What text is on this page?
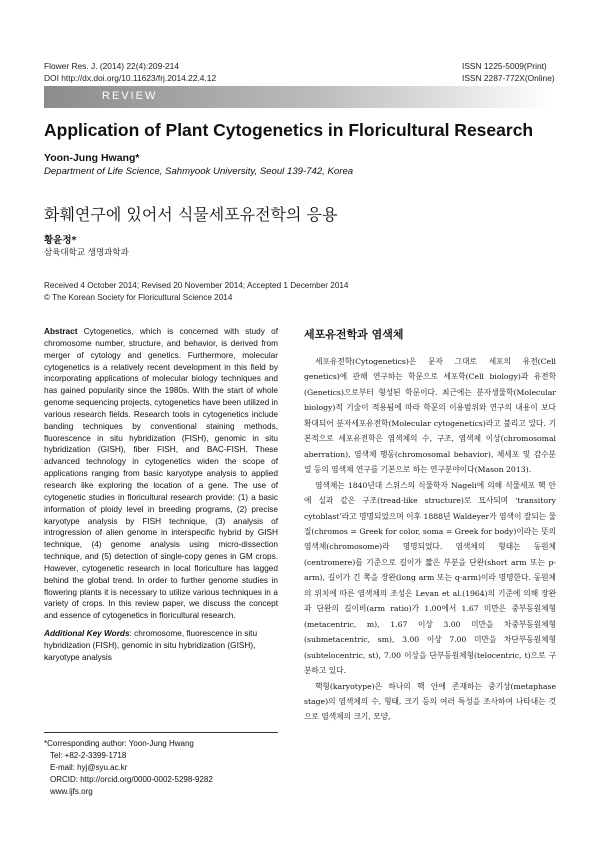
Flower Res. J. (2014) 22(4):209-214
DOI http://dx.doi.org/10.11623/frj.2014.22.4.12
ISSN 1225-5009(Print)
ISSN 2287-772X(Online)
REVIEW
Application of Plant Cytogenetics in Floricultural Research
Yoon-Jung Hwang*
Department of Life Science, Sahmyook University, Seoul 139-742, Korea
화훼연구에 있어서 식물세포유전학의 응용
황윤정*
삼육대학교 생명과학과
Received 4 October 2014; Revised 20 November 2014; Accepted 1 December 2014
© The Korean Society for Floricultural Science 2014
Abstract Cytogenetics, which is concerned with study of chromosome number, structure, and behavior, is derived from merger of cytology and genetics. Furthermore, molecular cytogenetics is a relatively recent development in this field by incorporating applications of molecular biology techniques and has gained popularity since the 1980s. With the start of whole genome sequencing projects, cytogenetics have been utilized in various research fields. Research tools in cytogenetics include banding techniques by conventional staining methods, fluorescence in situ hybridization (FISH), genomic in situ hybridization (GISH), fiber FISH, and BAC-FISH. These advanced technology in cytogenetics widen the scope of applications ranging from basic karyotype analysis to applied research like exploring the location of a gene. The use of cytogenetic studies in floricultural research provide: (1) a basic information of ploidy level in breeding programs, (2) precise karyotype analysis by FISH technique, (3) analysis of introgression of alien genome in interspecific hybrid by GISH technique, (4) genome analysis using micro-dissection technique, and (5) detection of single-copy genes in GM crops. However, cytogenetic research in local floriculture has lagged behind the global trend. In order to further genome studies in flowering plants it is necessary to utilize various techniques in a variety of crops. In this review paper, we discuss the concept and essence of cytogenetics in floricultural research.
Additional Key Words: chromosome, fluorescence in situ hybridization (FISH), genomic in situ hybridization (GISH), karyotype analysis
*Corresponding author: Yoon-Jung Hwang
Tel: +82-2-3399-1718
E-mail: hyj@syu.ac.kr
ORCID: http://orcid.org/0000-0002-5298-9282
www.ijfs.org
세포유전학과 염색체

세포유전학(Cytogenetics)은 문자 그대로 세포의 유전(Cell genetics)에 관해 연구하는 학문으로 세포학(Cell biology)과 유전학(Genetics)으로부터 형성된 학문이다. 최근에는 분자생물학(Molecular biology)적 기술이 적용됨에 따라 학문의 이용범위와 연구의 내용이 보다 확대되어 분자세포유전학(Molecular cytogenetics)라고 불리고 있다. 기본적으로 세포유전학은 염색체의 수, 구조, 염색체 이상(chromosomal aberration), 염색체 행동(chromosomal behavior), 체세포 및 감수분열 등의 염색체 연구를 기본으로 하는 연구분야이다(Mason 2013).

염색체는 1840년대 스위스의 식물학자 Nageli에 의해 식물세포 핵 안에 실과 같은 구조(tread-like structure)로 묘사되며 ‘transitory cytoblast’라고 명명되었으며 이후 1888년 Waldeyer가 염색이 잘되는 물질(chromos = Greek for color, soma = Greek for body)이라는 뜻의 염색체(chromosome)라 명명되었다. 염색체의 형태는 동원체(centromere)를 기준으로 길이가 짧은 부분을 단완(short arm 또는 p-arm), 길이가 긴 쪽을 장완(long arm 또는 q-arm)이라 명명한다. 동원체의 위치에 따른 염색체의 조성은 Levan et al.(1964)의 기준에 의해 장완과 단완의 길이비(arm ratio)가 1.00에서 1.67 미만은 중부동원체형(metacentric, m), 1.67 이상 3.00 미만을 차중부동원체형(submetacentric, sm), 3.00 이상 7.00 미만을 차단부동원체형(subtelocentric, st), 7.00 이상을 단부동원체형(telocentric, t)으로 구분하고 있다.

핵형(karyotype)은 하나의 핵 안에 존재하는 중기상(metaphase stage)의 염색체의 수, 형태, 크기 등의 여러 특성을 조사하여 나타내는 것으로 염색체의 크기, 모양,
